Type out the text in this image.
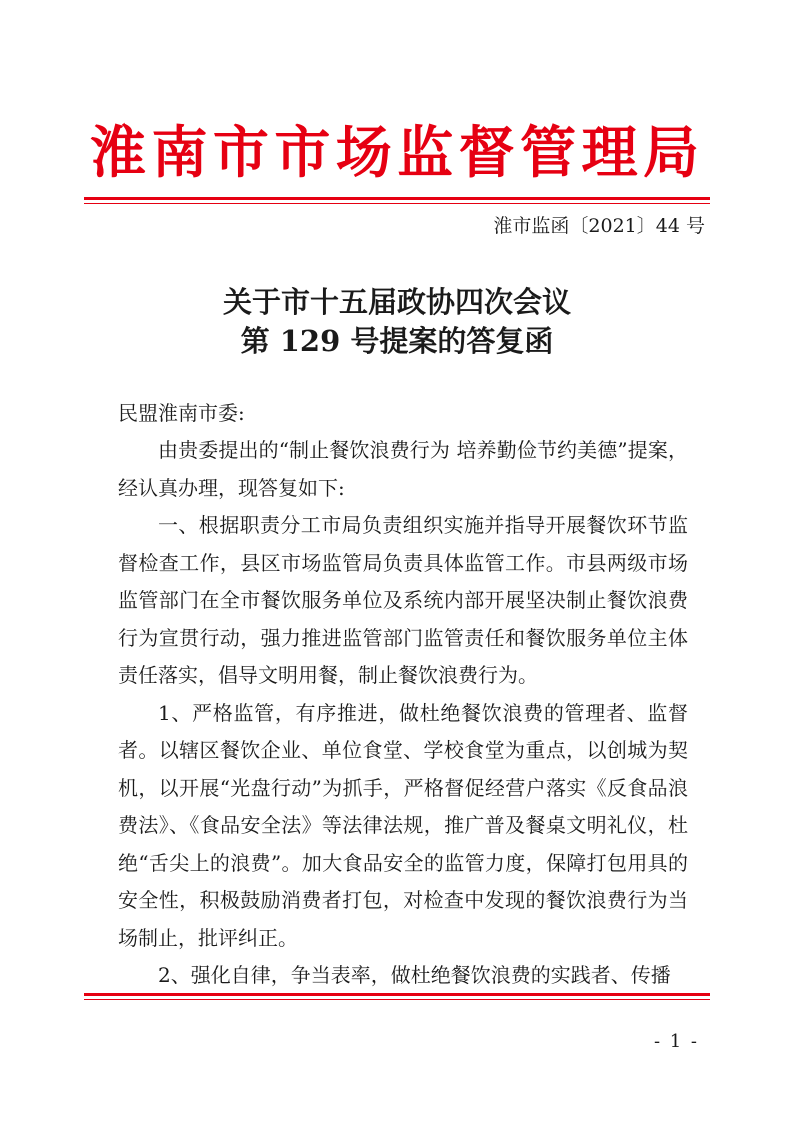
淮南市市场监督管理局
淮市监函〔2021〕44 号
关于市十五届政协四次会议
第 129 号提案的答复函
民盟淮南市委:

由贵委提出的“制止餐饮浪费行为 培养勤俭节约美德”提案，经认真办理，现答复如下:

一、根据职责分工市局负责组织实施并指导开展餐饮环节监督检查工作，县区市场监管局负责具体监管工作。市县两级市场监管部门在全市餐饮服务单位及系统内部开展坚决制止餐饮浪费行为宣贯行动，强力推进监管部门监管责任和餐饮服务单位主体责任落实，倡导文明用餐，制止餐饮浪费行为。

1、严格监管，有序推进，做杜绝餐饮浪费的管理者、监督者。以辖区餐饮企业、单位食堂、学校食堂为重点，以创城为契机，以开展“光盘行动”为抓手，严格督促经营户落实《反食品浪费法》、《食品安全法》等法律法规，推广普及餐桌文明礼仪，杜绝“舌尖上的浪费”。加大食品安全的监管力度，保障打包用具的安全性，积极鼓励消费者打包，对检查中发现的餐饮浪费行为当场制止，批评纠正。

2、强化自律，争当表率，做杜绝餐饮浪费的实践者、传播

- 1 -
